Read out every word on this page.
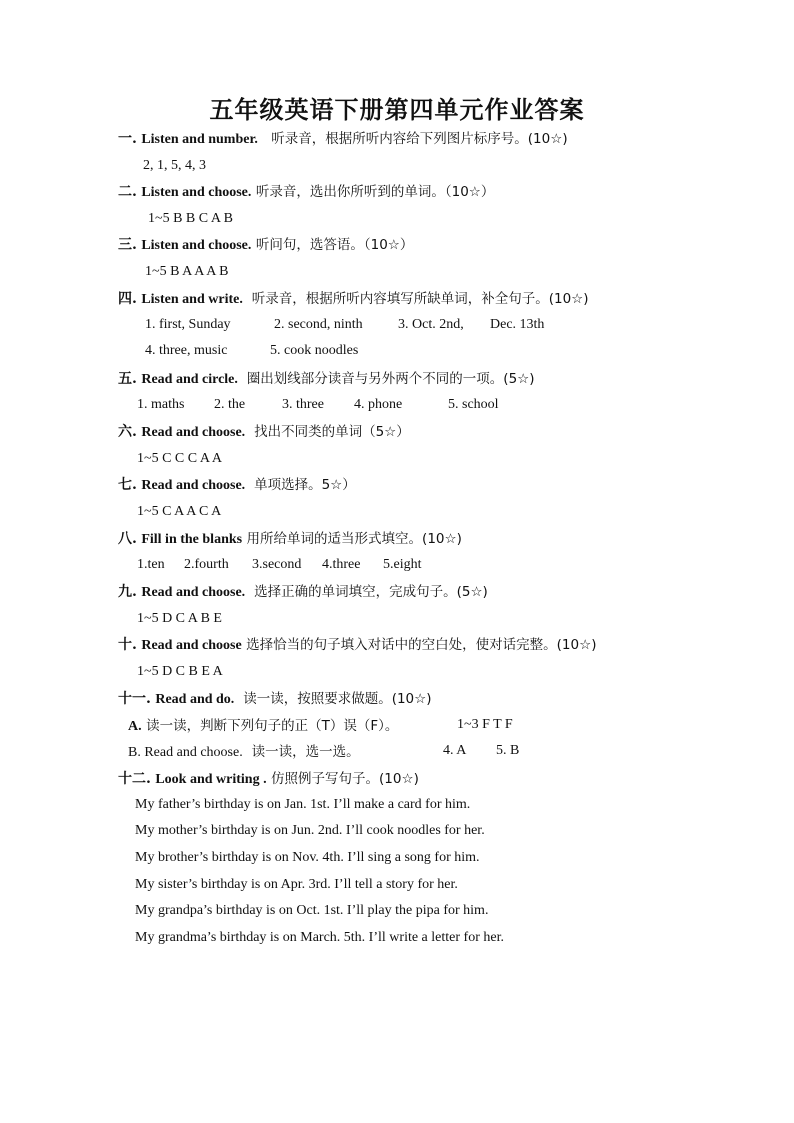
五年级英语下册第四单元作业答案
一. Listen and number. 听录音，根据所听内容给下列图片标序号。(10☆)
2, 1, 5, 4, 3
二. Listen and choose. 听录音，选出你所听到的单词。（10☆）
1~5 B B C A B
三. Listen and choose. 听问句，选答语。（10☆）
1~5 B A A A B
四. Listen and write. 听录音，根据所听内容填写所缺单词，补全句子。(10☆)
1. first, Sunday	2. second, ninth	3. Oct. 2nd, Dec. 13th
4. three, music	5. cook noodles
五. Read and circle. 圈出划线部分读音与另外两个不同的一项。(5☆)
1. maths 2. the	3. three 4. phone	5. school
六. Read and choose. 找出不同类的单词（5☆）
1~5 C C C A A
七. Read and choose. 单项选择。5☆）
1~5 C A A C A
八. Fill in the blanks 用所给单词的适当形式填空。(10☆)
1.ten 2.fourth 3.second 4.three 5.eight
九. Read and choose. 选择正确的单词填空，完成句子。(5☆)
1~5 D C A B E
十. Read and choose 选择恰当的句子填入对话中的空白处，使对话完整。(10☆)
1~5 D C B E A
十一. Read and do. 读一读，按照要求做题。(10☆)
A. 读一读，判断下列句子的正（T）误（F）。	1~3 F T F
B. Read and choose. 读一读，选一选。	4. A 5. B
十二. Look and writing . 仿照例子写句子。(10☆)
My father’s birthday is on Jan. 1st. I’ll make a card for him.
My mother’s birthday is on Jun. 2nd. I’ll cook noodles for her.
My brother’s birthday is on Nov. 4th. I’ll sing a song for him.
My sister’s birthday is on Apr. 3rd. I’ll tell a story for her.
My grandpa’s birthday is on Oct. 1st. I’ll play the pipa for him.
My grandma’s birthday is on March. 5th. I’ll write a letter for her.
